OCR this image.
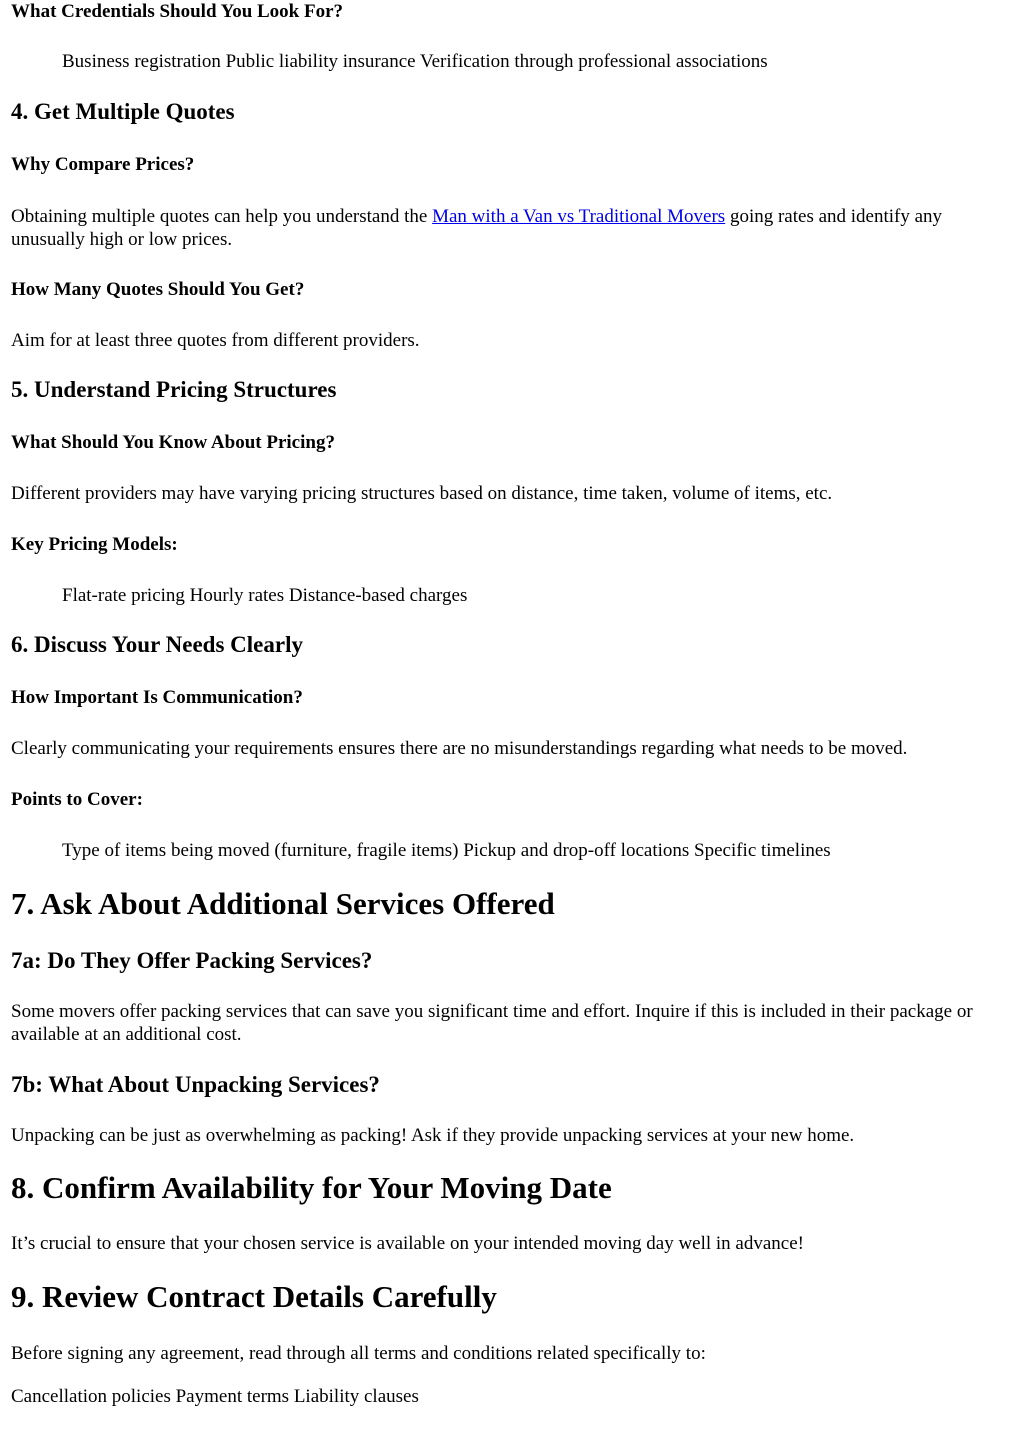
What Credentials Should You Look For?

Business registration Public liability insurance Verification through professional associations

4. Get Multiple Quotes
Why Compare Prices?

Obtaining multiple quotes can help you understand the Man with a Van vs Traditional Movers going rates and identify any unusually high or low prices.

How Many Quotes Should You Get?

Aim for at least three quotes from different providers.

5. Understand Pricing Structures
What Should You Know About Pricing?

Different providers may have varying pricing structures based on distance, time taken, volume of items, etc.

Key Pricing Models:

Flat-rate pricing Hourly rates Distance-based charges

6. Discuss Your Needs Clearly
How Important Is Communication?

Clearly communicating your requirements ensures there are no misunderstandings regarding what needs to be moved.

Points to Cover:

Type of items being moved (furniture, fragile items) Pickup and drop-off locations Specific timelines

7. Ask About Additional Services Offered
7a: Do They Offer Packing Services?

Some movers offer packing services that can save you significant time and effort. Inquire if this is included in their package or available at an additional cost.

7b: What About Unpacking Services?

Unpacking can be just as overwhelming as packing! Ask if they provide unpacking services at your new home.

8. Confirm Availability for Your Moving Date

It’s crucial to ensure that your chosen service is available on your intended moving day well in advance!

9. Review Contract Details Carefully

Before signing any agreement, read through all terms and conditions related specifically to:

Cancellation policies Payment terms Liability clauses
